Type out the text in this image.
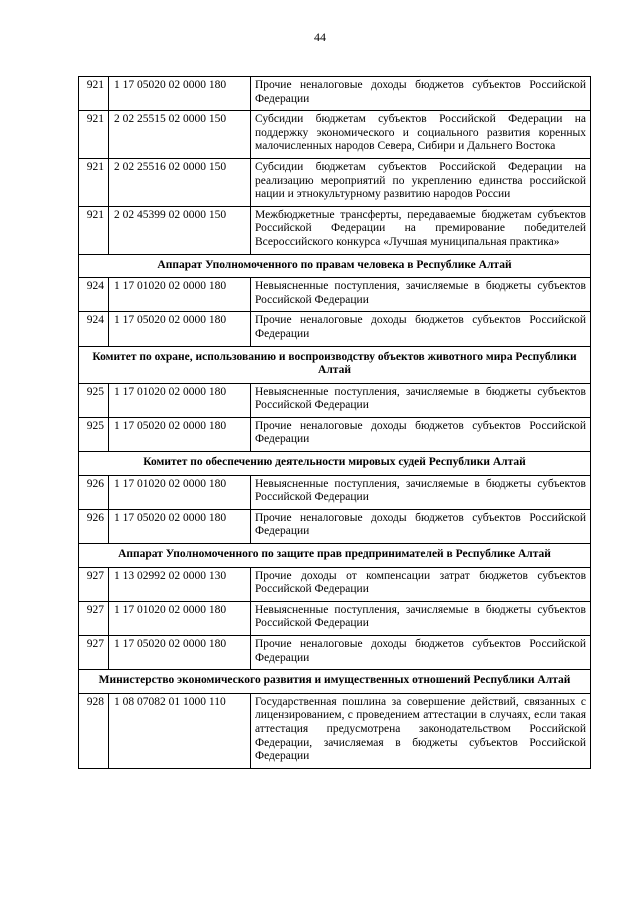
44
921	1 17 05020 02 0000 180	Прочие неналоговые доходы бюджетов субъектов Российской Федерации
921	2 02 25515 02 0000 150	Субсидии бюджетам субъектов Российской Федерации на поддержку экономического и социального развития коренных малочисленных народов Севера, Сибири и Дальнего Востока
921	2 02 25516 02 0000 150	Субсидии бюджетам субъектов Российской Федерации на реализацию мероприятий по укреплению единства российской нации и этнокультурному развитию народов России
921	2 02 45399 02 0000 150	Межбюджетные трансферты, передаваемые бюджетам субъектов Российской Федерации на премирование победителей Всероссийского конкурса «Лучшая муниципальная практика»
Аппарат Уполномоченного по правам человека в Республике Алтай		
924	1 17 01020 02 0000 180	Невыясненные поступления, зачисляемые в бюджеты субъектов Российской Федерации
924	1 17 05020 02 0000 180	Прочие неналоговые доходы бюджетов субъектов Российской Федерации
Комитет по охране, использованию и воспроизводству объектов животного мира Республики Алтай		
925	1 17 01020 02 0000 180	Невыясненные поступления, зачисляемые в бюджеты субъектов Российской Федерации
925	1 17 05020 02 0000 180	Прочие неналоговые доходы бюджетов субъектов Российской Федерации
Комитет по обеспечению деятельности мировых судей Республики Алтай		
926	1 17 01020 02 0000 180	Невыясненные поступления, зачисляемые в бюджеты субъектов Российской Федерации
926	1 17 05020 02 0000 180	Прочие неналоговые доходы бюджетов субъектов Российской Федерации
Аппарат Уполномоченного по защите прав предпринимателей в Республике Алтай		
927	1 13 02992 02 0000 130	Прочие доходы от компенсации затрат бюджетов субъектов Российской Федерации
927	1 17 01020 02 0000 180	Невыясненные поступления, зачисляемые в бюджеты субъектов Российской Федерации
927	1 17 05020 02 0000 180	Прочие неналоговые доходы бюджетов субъектов Российской Федерации
Министерство экономического развития и имущественных отношений Республики Алтай		
928	1 08 07082 01 1000 110	Государственная пошлина за совершение действий, связанных с лицензированием, с проведением аттестации в случаях, если такая аттестация предусмотрена законодательством Российской Федерации, зачисляемая в бюджеты субъектов Российской Федерации
